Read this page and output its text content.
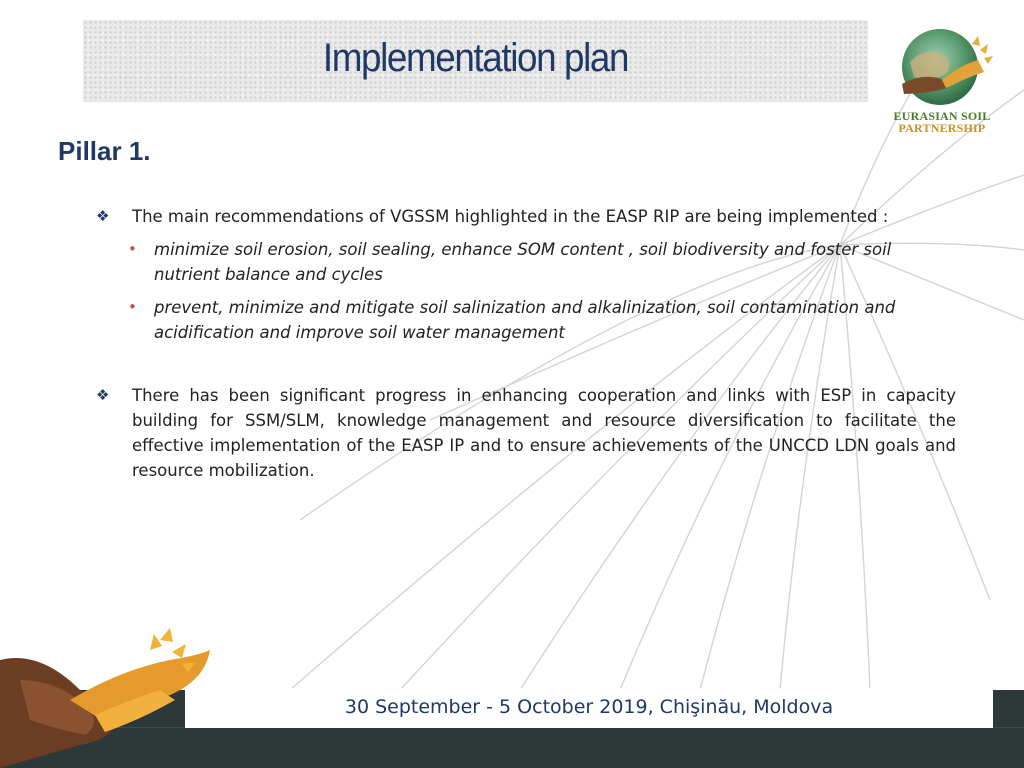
Implementation plan
EURASIAN SOIL
PARTNERSHIP
Pillar 1.
❖ The main recommendations of VGSSM highlighted in the EASP RIP are being implemented :
• minimize soil erosion, soil sealing, enhance SOM content , soil biodiversity and foster soil nutrient balance and cycles
• prevent, minimize and mitigate soil salinization and alkalinization, soil contamination and acidification and improve soil water management
❖ There has been significant progress in enhancing cooperation and links with ESP in capacity building for SSM/SLM, knowledge management and resource diversification to facilitate the effective implementation of the EASP IP and to ensure achievements of the UNCCD LDN goals and resource mobilization.
30 September - 5 October 2019, Chişinău, Moldova
